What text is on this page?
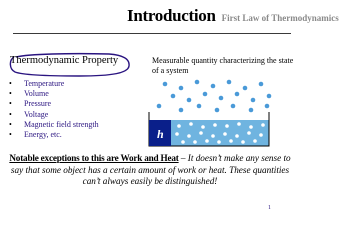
Introduction First Law of Thermodynamics
Thermodynamic Property
• Temperature
• Volume
• Pressure
• Voltage
• Magnetic field strength
• Energy, etc.
Measurable quantity characterizing the state of a system
h
Notable exceptions to this are Work and Heat – It doesn’t make any sense to say that some object has a certain amount of work or heat. These quantities can’t always easily be distinguished!
1
